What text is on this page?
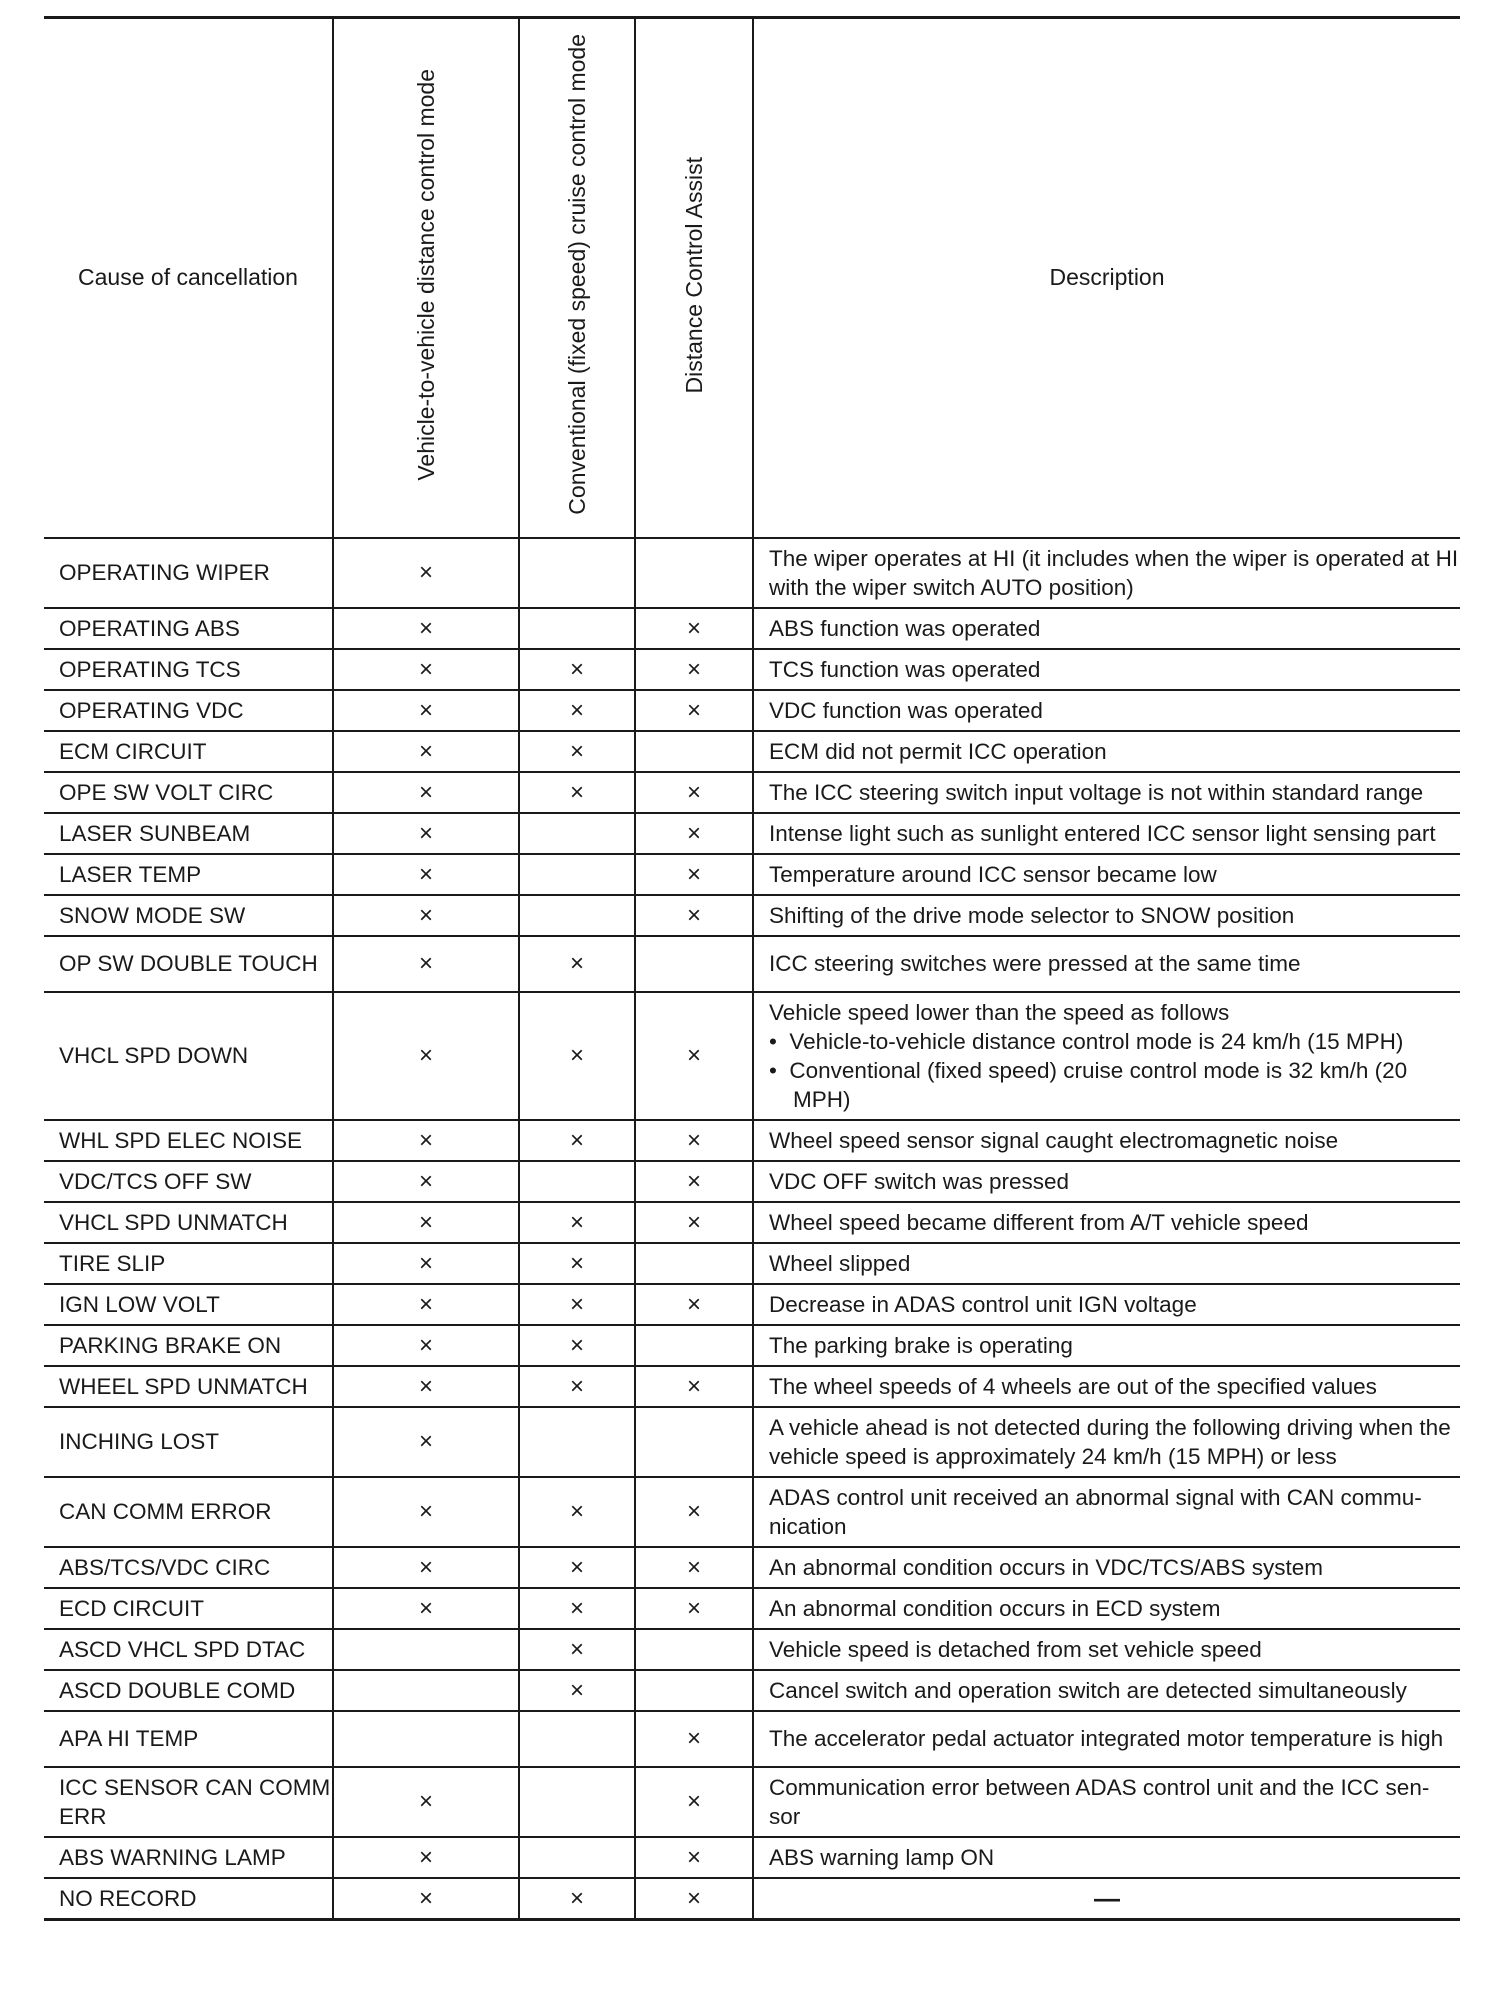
Cause of cancellation	Vehicle-to-vehicle distance control mode	Conventional (fixed speed) cruise control mode	Distance Control Assist	Description
OPERATING WIPER	×			The wiper operates at HI (it includes when the wiper is operated at HI with the wiper switch AUTO position)
OPERATING ABS	×		×	ABS function was operated
OPERATING TCS	×	×	×	TCS function was operated
OPERATING VDC	×	×	×	VDC function was operated
ECM CIRCUIT	×	×		ECM did not permit ICC operation
OPE SW VOLT CIRC	×	×	×	The ICC steering switch input voltage is not within standard range
LASER SUNBEAM	×		×	Intense light such as sunlight entered ICC sensor light sensing part
LASER TEMP	×		×	Temperature around ICC sensor became low
SNOW MODE SW	×		×	Shifting of the drive mode selector to SNOW position
OP SW DOUBLE TOUCH	×	×		ICC steering switches were pressed at the same time
VHCL SPD DOWN	×	×	×	Vehicle speed lower than the speed as follows
•  Vehicle-to-vehicle distance control mode is 24 km/h (15 MPH)
•  Conventional (fixed speed) cruise control mode is 32 km/h (20 MPH)

WHL SPD ELEC NOISE	×	×	×	Wheel speed sensor signal caught electromagnetic noise
VDC/TCS OFF SW	×		×	VDC OFF switch was pressed
VHCL SPD UNMATCH	×	×	×	Wheel speed became different from A/T vehicle speed
TIRE SLIP	×	×		Wheel slipped
IGN LOW VOLT	×	×	×	Decrease in ADAS control unit IGN voltage
PARKING BRAKE ON	×	×		The parking brake is operating
WHEEL SPD UNMATCH	×	×	×	The wheel speeds of 4 wheels are out of the specified values
INCHING LOST	×			A vehicle ahead is not detected during the following driving when the vehicle speed is approximately 24 km/h (15 MPH) or less
CAN COMM ERROR	×	×	×	ADAS control unit received an abnormal signal with CAN commu-nication
ABS/TCS/VDC CIRC	×	×	×	An abnormal condition occurs in VDC/TCS/ABS system
ECD CIRCUIT	×	×	×	An abnormal condition occurs in ECD system
ASCD VHCL SPD DTAC		×		Vehicle speed is detached from set vehicle speed
ASCD DOUBLE COMD		×		Cancel switch and operation switch are detected simultaneously
APA HI TEMP			×	The accelerator pedal actuator integrated motor temperature is high
ICC SENSOR CAN COMM ERR	×		×	Communication error between ADAS control unit and the ICC sen-sor
ABS WARNING LAMP	×		×	ABS warning lamp ON
NO RECORD	×	×	×	—
